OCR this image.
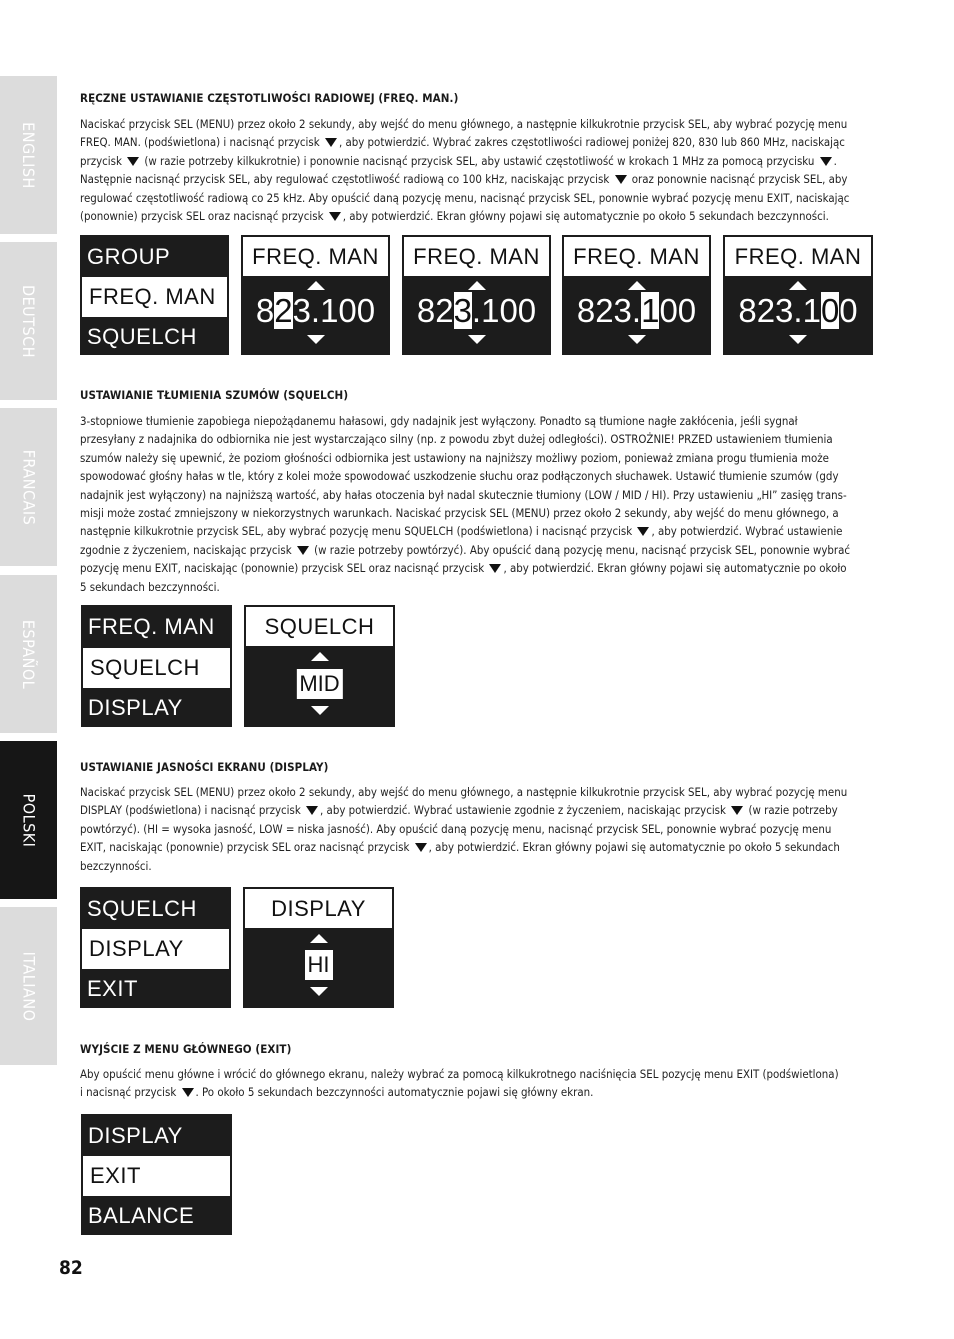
ENGLISH
DEUTSCH
FRANCAIS
ESPAÑOL
POLSKI
ITALIANO
RĘCZNE USTAWIANIE CZĘSTOTLIWOŚCI RADIOWEJ (FREQ. MAN.)

Naciskać przycisk SEL (MENU) przez około 2 sekundy, aby wejść do menu głównego, a następnie kilkukrotnie przycisk SEL, aby wybrać pozycję menu

FREQ. MAN. (podświetlona) i nacisnąć przycisk , aby potwierdzić. Wybrać zakres częstotliwości radiowej poniżej 820, 830 lub 860 MHz, naciskając

przycisk  (w razie potrzeby kilkukrotnie) i ponownie nacisnąć przycisk SEL, aby ustawić częstotliwość w krokach 1 MHz za pomocą przycisku .

Następnie nacisnąć przycisk SEL, aby regulować częstotliwość radiową co 100 kHz, naciskając przycisk  oraz ponownie nacisnąć przycisk SEL, aby

regulować częstotliwość radiową co 25 kHz. Aby opuścić daną pozycję menu, nacisnąć przycisk SEL, ponownie wybrać pozycję menu EXIT, naciskając

(ponownie) przycisk SEL oraz nacisnąć przycisk , aby potwierdzić. Ekran główny pojawi się automatycznie po około 5 sekundach bezczynności.

GROUP
FREQ. MAN
SQUELCH
FREQ. MAN
823.100
FREQ. MAN
823.100
FREQ. MAN
823.100
FREQ. MAN
823.100
USTAWIANIE TŁUMIENIA SZUMÓW (SQUELCH)

3-stopniowe tłumienie zapobiega niepożądanemu hałasowi, gdy nadajnik jest wyłączony. Ponadto są tłumione nagłe zakłócenia, jeśli sygnał

przesyłany z nadajnika do odbiornika nie jest wystarczająco silny (np. z powodu zbyt dużej odległości). OSTROŻNIE! PRZED ustawieniem tłumienia

szumów należy się upewnić, że poziom głośności odbiornika jest ustawiony na najniższy możliwy poziom, ponieważ zmiana progu tłumienia może

spowodować głośny hałas w tle, który z kolei może spowodować uszkodzenie słuchu oraz podłączonych słuchawek. Ustawić tłumienie szumów (gdy

nadajnik jest wyłączony) na najniższą wartość, aby hałas otoczenia był nadal skutecznie tłumiony (LOW / MID / HI). Przy ustawieniu „HI” zasięg trans-

misji może zostać zmniejszony w niekorzystnych warunkach. Naciskać przycisk SEL (MENU) przez około 2 sekundy, aby wejść do menu głównego, a

następnie kilkukrotnie przycisk SEL, aby wybrać pozycję menu SQUELCH (podświetlona) i nacisnąć przycisk , aby potwierdzić. Wybrać ustawienie

zgodnie z życzeniem, naciskając przycisk  (w razie potrzeby powtórzyć). Aby opuścić daną pozycję menu, nacisnąć przycisk SEL, ponownie wybrać

pozycję menu EXIT, naciskając (ponownie) przycisk SEL oraz nacisnąć przycisk , aby potwierdzić. Ekran główny pojawi się automatycznie po około

5 sekundach bezczynności.

FREQ. MAN
SQUELCH
DISPLAY
SQUELCH
MID
USTAWIANIE JASNOŚCI EKRANU (DISPLAY)

Naciskać przycisk SEL (MENU) przez około 2 sekundy, aby wejść do menu głównego, a następnie kilkukrotnie przycisk SEL, aby wybrać pozycję menu

DISPLAY (podświetlona) i nacisnąć przycisk , aby potwierdzić. Wybrać ustawienie zgodnie z życzeniem, naciskając przycisk  (w razie potrzeby

powtórzyć). (HI = wysoka jasność, LOW = niska jasność). Aby opuścić daną pozycję menu, nacisnąć przycisk SEL, ponownie wybrać pozycję menu

EXIT, naciskając (ponownie) przycisk SEL oraz nacisnąć przycisk , aby potwierdzić. Ekran główny pojawi się automatycznie po około 5 sekundach

bezczynności.

SQUELCH
DISPLAY
EXIT
DISPLAY
HI
WYJŚCIE Z MENU GŁÓWNEGO (EXIT)

Aby opuścić menu główne i wrócić do głównego ekranu, należy wybrać za pomocą kilkukrotnego naciśnięcia SEL pozycję menu EXIT (podświetlona)

i nacisnąć przycisk . Po około 5 sekundach bezczynności automatycznie pojawi się główny ekran.

DISPLAY
EXIT
BALANCE
82
